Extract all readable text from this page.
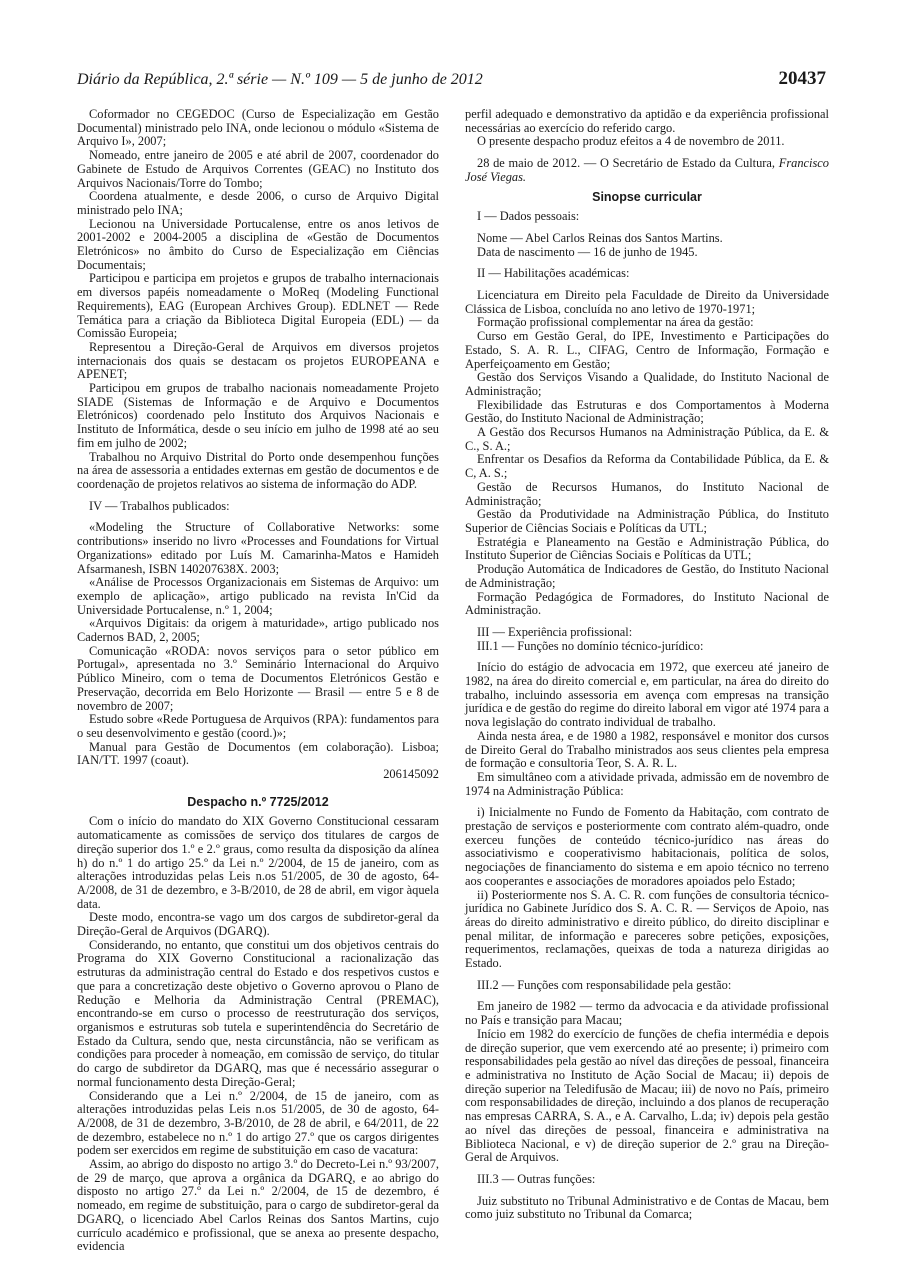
Diário da República, 2.ª série — N.º 109 — 5 de junho de 2012	20437

Coformador no CEGEDOC (Curso de Especialização em Gestão Documental) ministrado pelo INA, onde lecionou o módulo «Sistema de Arquivo I», 2007;

Nomeado, entre janeiro de 2005 e até abril de 2007, coordenador do Gabinete de Estudo de Arquivos Correntes (GEAC) no Instituto dos Arquivos Nacionais/Torre do Tombo;

Coordena atualmente, e desde 2006, o curso de Arquivo Digital ministrado pelo INA;

Lecionou na Universidade Portucalense, entre os anos letivos de 2001-2002 e 2004-2005 a disciplina de «Gestão de Documentos Eletrónicos» no âmbito do Curso de Especialização em Ciências Documentais;

Participou e participa em projetos e grupos de trabalho internacionais em diversos papéis nomeadamente o MoReq (Modeling Functional Requirements), EAG (European Archives Group). EDLNET — Rede Temática para a criação da Biblioteca Digital Europeia (EDL) — da Comissão Europeia;

Representou a Direção-Geral de Arquivos em diversos projetos internacionais dos quais se destacam os projetos EUROPEANA e APENET;

Participou em grupos de trabalho nacionais nomeadamente Projeto SIADE (Sistemas de Informação e de Arquivo e Documentos Eletrónicos) coordenado pelo Instituto dos Arquivos Nacionais e Instituto de Informática, desde o seu início em julho de 1998 até ao seu fim em julho de 2002;

Trabalhou no Arquivo Distrital do Porto onde desempenhou funções na área de assessoria a entidades externas em gestão de documentos e de coordenação de projetos relativos ao sistema de informação do ADP.

IV — Trabalhos publicados:

«Modeling the Structure of Collaborative Networks: some contributions» inserido no livro «Processes and Foundations for Virtual Organizations» editado por Luís M. Camarinha-Matos e Hamideh Afsarmanesh, ISBN 140207638X. 2003;

«Análise de Processos Organizacionais em Sistemas de Arquivo: um exemplo de aplicação», artigo publicado na revista In'Cid da Universidade Portucalense, n.º 1, 2004;

«Arquivos Digitais: da origem à maturidade», artigo publicado nos Cadernos BAD, 2, 2005;

Comunicação «RODA: novos serviços para o setor público em Portugal», apresentada no 3.º Seminário Internacional do Arquivo Público Mineiro, com o tema de Documentos Eletrónicos Gestão e Preservação, decorrida em Belo Horizonte — Brasil — entre 5 e 8 de novembro de 2007;

Estudo sobre «Rede Portuguesa de Arquivos (RPA): fundamentos para o seu desenvolvimento e gestão (coord.)»;

Manual para Gestão de Documentos (em colaboração). Lisboa; IAN/TT. 1997 (coaut).

206145092

Despacho n.º 7725/2012

Com o início do mandato do XIX Governo Constitucional cessaram automaticamente as comissões de serviço dos titulares de cargos de direção superior dos 1.º e 2.º graus, como resulta da disposição da alínea h) do n.º 1 do artigo 25.º da Lei n.º 2/2004, de 15 de janeiro, com as alterações introduzidas pelas Leis n.os 51/2005, de 30 de agosto, 64-A/2008, de 31 de dezembro, e 3-B/2010, de 28 de abril, em vigor àquela data.

Deste modo, encontra-se vago um dos cargos de subdiretor-geral da Direção-Geral de Arquivos (DGARQ).

Considerando, no entanto, que constitui um dos objetivos centrais do Programa do XIX Governo Constitucional a racionalização das estruturas da administração central do Estado e dos respetivos custos e que para a concretização deste objetivo o Governo aprovou o Plano de Redução e Melhoria da Administração Central (PREMAC), encontrando-se em curso o processo de reestruturação dos serviços, organismos e estruturas sob tutela e superintendência do Secretário de Estado da Cultura, sendo que, nesta circunstância, não se verificam as condições para proceder à nomeação, em comissão de serviço, do titular do cargo de subdiretor da DGARQ, mas que é necessário assegurar o normal funcionamento desta Direção-Geral;

Considerando que a Lei n.º 2/2004, de 15 de janeiro, com as alterações introduzidas pelas Leis n.os 51/2005, de 30 de agosto, 64-A/2008, de 31 de dezembro, 3-B/2010, de 28 de abril, e 64/2011, de 22 de dezembro, estabelece no n.º 1 do artigo 27.º que os cargos dirigentes podem ser exercidos em regime de substituição em caso de vacatura:

Assim, ao abrigo do disposto no artigo 3.º do Decreto-Lei n.º 93/2007, de 29 de março, que aprova a orgânica da DGARQ, e ao abrigo do disposto no artigo 27.º da Lei n.º 2/2004, de 15 de dezembro, é nomeado, em regime de substituição, para o cargo de subdiretor-geral da DGARQ, o licenciado Abel Carlos Reinas dos Santos Martins, cujo currículo académico e profissional, que se anexa ao presente despacho, evidencia

perfil adequado e demonstrativo da aptidão e da experiência profissional necessárias ao exercício do referido cargo.

O presente despacho produz efeitos a 4 de novembro de 2011.

28 de maio de 2012. — O Secretário de Estado da Cultura, Francisco José Viegas.

Sinopse curricular

I — Dados pessoais:

Nome — Abel Carlos Reinas dos Santos Martins.

Data de nascimento — 16 de junho de 1945.

II — Habilitações académicas:

Licenciatura em Direito pela Faculdade de Direito da Universidade Clássica de Lisboa, concluída no ano letivo de 1970-1971;

Formação profissional complementar na área da gestão:

Curso em Gestão Geral, do IPE, Investimento e Participações do Estado, S. A. R. L., CIFAG, Centro de Informação, Formação e Aperfeiçoamento em Gestão;

Gestão dos Serviços Visando a Qualidade, do Instituto Nacional de Administração;

Flexibilidade das Estruturas e dos Comportamentos à Moderna Gestão, do Instituto Nacional de Administração;

A Gestão dos Recursos Humanos na Administração Pública, da E. & C., S. A.;

Enfrentar os Desafios da Reforma da Contabilidade Pública, da E. & C, A. S.;

Gestão de Recursos Humanos, do Instituto Nacional de Administração;

Gestão da Produtividade na Administração Pública, do Instituto Superior de Ciências Sociais e Políticas da UTL;

Estratégia e Planeamento na Gestão e Administração Pública, do Instituto Superior de Ciências Sociais e Políticas da UTL;

Produção Automática de Indicadores de Gestão, do Instituto Nacional de Administração;

Formação Pedagógica de Formadores, do Instituto Nacional de Administração.

III — Experiência profissional:

III.1 — Funções no domínio técnico-jurídico:

Início do estágio de advocacia em 1972, que exerceu até janeiro de 1982, na área do direito comercial e, em particular, na área do direito do trabalho, incluindo assessoria em avença com empresas na transição jurídica e de gestão do regime do direito laboral em vigor até 1974 para a nova legislação do contrato individual de trabalho.

Ainda nesta área, e de 1980 a 1982, responsável e monitor dos cursos de Direito Geral do Trabalho ministrados aos seus clientes pela empresa de formação e consultoria Teor, S. A. R. L.

Em simultâneo com a atividade privada, admissão em de novembro de 1974 na Administração Pública:

i) Inicialmente no Fundo de Fomento da Habitação, com contrato de prestação de serviços e posteriormente com contrato além-quadro, onde exerceu funções de conteúdo técnico-jurídico nas áreas do associativismo e cooperativismo habitacionais, política de solos, negociações de financiamento do sistema e em apoio técnico no terreno aos cooperantes e associações de moradores apoiados pelo Estado;

ii) Posteriormente nos S. A. C. R. com funções de consultoria técnico-jurídica no Gabinete Jurídico dos S. A. C. R. — Serviços de Apoio, nas áreas do direito administrativo e direito público, do direito disciplinar e penal militar, de informação e pareceres sobre petições, exposições, requerimentos, reclamações, queixas de toda a natureza dirigidas ao Estado.

III.2 — Funções com responsabilidade pela gestão:

Em janeiro de 1982 — termo da advocacia e da atividade profissional no País e transição para Macau;

Início em 1982 do exercício de funções de chefia intermédia e depois de direção superior, que vem exercendo até ao presente; i) primeiro com responsabilidades pela gestão ao nível das direções de pessoal, financeira e administrativa no Instituto de Ação Social de Macau; ii) depois de direção superior na Teledifusão de Macau; iii) de novo no País, primeiro com responsabilidades de direção, incluindo a dos planos de recuperação nas empresas CARRA, S. A., e A. Carvalho, L.da; iv) depois pela gestão ao nível das direções de pessoal, financeira e administrativa na Biblioteca Nacional, e v) de direção superior de 2.º grau na Direção-Geral de Arquivos.

III.3 — Outras funções:

Juiz substituto no Tribunal Administrativo e de Contas de Macau, bem como juiz substituto no Tribunal da Comarca;
